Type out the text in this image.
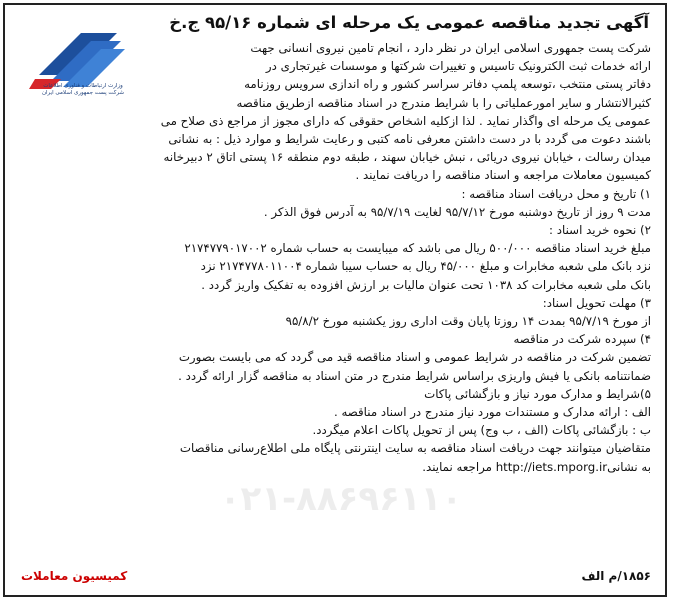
وزارت ارتباطات و فناوری اطلاعات
شرکت پست جمهوری اسلامی ایران
آگهی تجدید مناقصه عمومی یک مرحله ای شماره ۹۵/۱۶ ج.خ
۰۲۱-۸۸۶۹۶۱۱۰
شرکت پست جمهوری اسلامی ایران در نظر دارد ، انجام تامین نیروی انسانی جهت
ارائه خدمات ثبت الکترونیک تاسیس و تغییرات شرکتها و موسسات غیرتجاری در
دفاتر پستی منتخب ،توسعه پلمپ دفاتر سراسر کشور و راه اندازی سرویس روزنامه
کثیرالانتشار و سایر امورعملیاتی را با شرایط مندرج در اسناد مناقصه ازطریق مناقصه
عمومی یک مرحله ای واگذار نماید . لذا ازکلیه اشخاص حقوقی که دارای مجوز از مراجع ذی صلاح می
باشند دعوت می گردد با در دست داشتن معرفی نامه کتبی و رعایت شرایط و موارد ذیل : به نشانی
میدان رسالت ، خیابان نیروی دریائی ، نبش خیابان سهند ، طبقه دوم منطقه ۱۶ پستی اتاق ۲ دبیرخانه
کمیسیون معاملات مراجعه و اسناد مناقصه را دریافت نمایند .
۱) تاریخ و محل دریافت اسناد مناقصه :
مدت ۹ روز از تاریخ دوشنبه مورخ ۹۵/۷/۱۲ لغایت ۹۵/۷/۱۹ به آدرس فوق الذکر .
۲) نحوه خرید اسناد :
مبلغ خرید اسناد مناقصه ۵۰۰/۰۰۰ ریال می باشد که میبایست به حساب شماره ۲۱۷۴۷۷۹۰۱۷۰۰۲
نزد بانک ملی شعبه مخابرات و مبلغ ۴۵/۰۰۰ ریال به حساب سیبا شماره ۲۱۷۴۷۷۸۰۱۱۰۰۴ نزد
بانک ملی شعبه مخابرات کد ۱۰۳۸ تحت عنوان مالیات بر ارزش افزوده به تفکیک واریز گردد .
۳) مهلت تحویل اسناد:
از مورخ ۹۵/۷/۱۹ بمدت ۱۴ روزتا پایان وقت اداری روز یکشنبه مورخ ۹۵/۸/۲
۴) سپرده شرکت در مناقصه
تضمین شرکت در مناقصه در شرایط عمومی و اسناد مناقصه قید می گردد که می بایست بصورت
ضمانتنامه بانکی یا فیش واریزی براساس شرایط مندرج در متن اسناد به مناقصه گزار ارائه گردد .
۵)شرایط و مدارک مورد نیاز و بازگشائی پاکات
الف : ارائه مدارک و مستندات مورد نیاز مندرج در اسناد مناقصه .
ب : بازگشائی پاکات (الف ، ب وج) پس از تحویل پاکات اعلام میگردد.
متقاضیان میتوانند جهت دریافت اسناد مناقصه به سایت اینترنتی پایگاه ملی اطلاع‌رسانی مناقصات
به نشانیhttp://iets.mporg.ir مراجعه نمایند.
کمیسیون معاملات	۱۸۵۶/م الف
